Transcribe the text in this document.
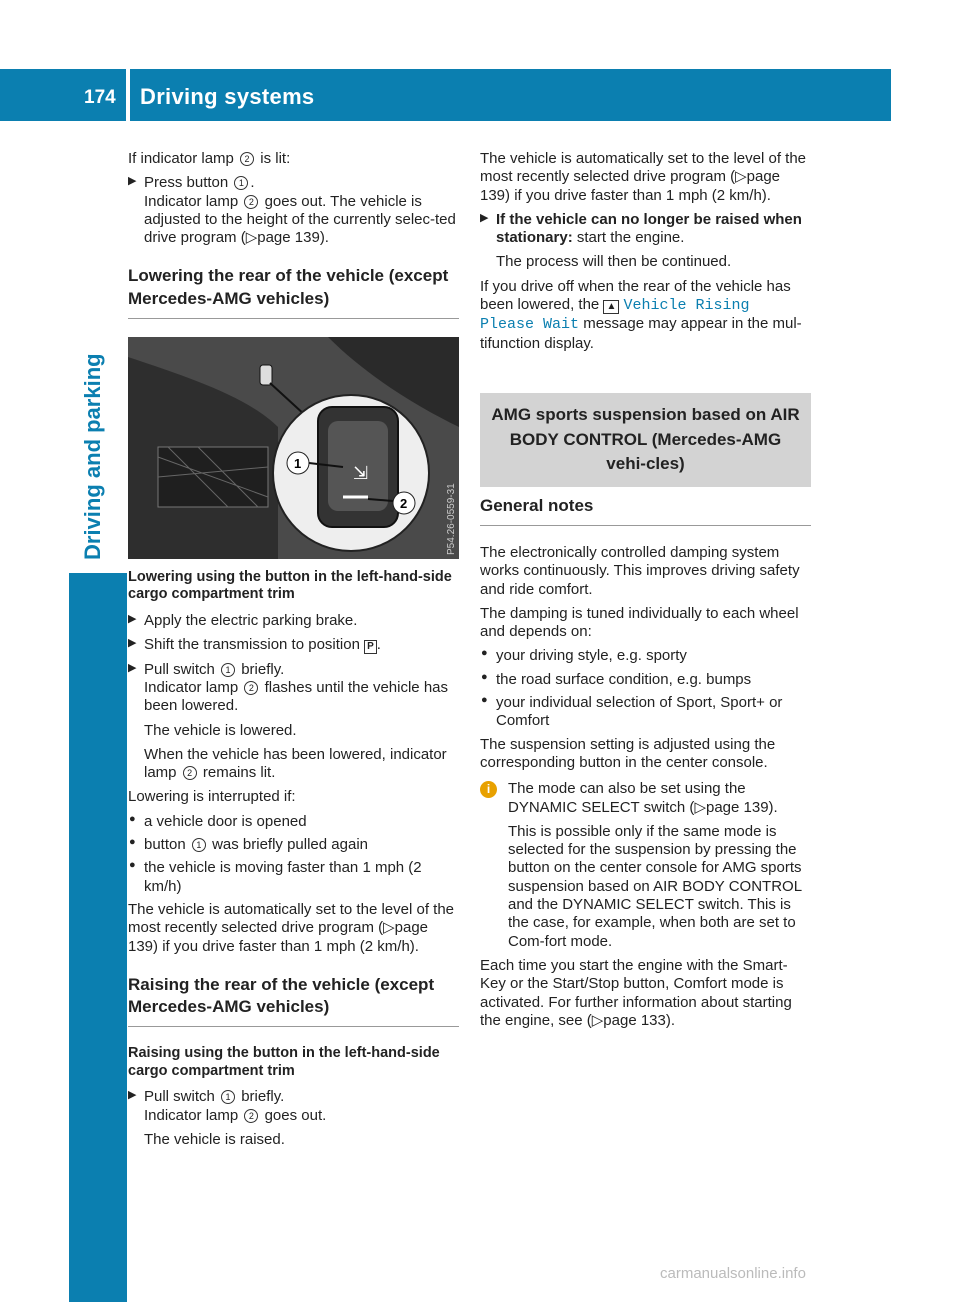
174 Driving systems
Driving and parking

If indicator lamp 2 is lit:

▶ Press button 1 .
Indicator lamp 2 goes out. The vehicle is adjusted to the height of the currently selec-ted drive program (▷page 139).
Lowering the rear of the vehicle (except Mercedes-AMG vehicles)
⇲
1
2	P54.26-0559-31
Lowering using the button in the left-hand-side cargo compartment trim
▶ Apply the electric parking brake.
▶ Shift the transmission to position P .
▶ Pull switch 1 briefly.
Indicator lamp 2 flashes until the vehicle has been lowered.
The vehicle is lowered.
When the vehicle has been lowered, indicator lamp 2 remains lit.

Lowering is interrupted if:

● a vehicle door is opened
● button 1 was briefly pulled again
● the vehicle is moving faster than 1 mph (2 km/h)

The vehicle is automatically set to the level of the most recently selected drive program (▷page 139) if you drive faster than 1 mph (2 km/h).

Raising the rear of the vehicle (except Mercedes-AMG vehicles)
Raising using the button in the left-hand-side cargo compartment trim
▶ Pull switch 1 briefly.
Indicator lamp 2 goes out.
The vehicle is raised.

The vehicle is automatically set to the level of the most recently selected drive program (▷page 139) if you drive faster than 1 mph (2 km/h).

▶ If the vehicle can no longer be raised when stationary: start the engine.
The process will then be continued.

If you drive off when the rear of the vehicle has been lowered, the ▲ Vehicle Rising Please Wait message may appear in the mul-tifunction display.

AMG sports suspension based on AIR BODY CONTROL (Mercedes-AMG vehi-cles)
General notes

The electronically controlled damping system works continuously. This improves driving safety and ride comfort.

The damping is tuned individually to each wheel and depends on:

● your driving style, e.g. sporty
● the road surface condition, e.g. bumps
● your individual selection of Sport, Sport+ or Comfort

The suspension setting is adjusted using the corresponding button in the center console.

i	The mode can also be set using the DYNAMIC SELECT switch (▷page 139).

This is possible only if the same mode is selected for the suspension by pressing the button on the center console for AMG sports suspension based on AIR BODY CONTROL and the DYNAMIC SELECT switch. This is the case, for example, when both are set to Com-fort mode.

Each time you start the engine with the Smart-Key or the Start/Stop button, Comfort mode is activated. For further information about starting the engine, see (▷page 133).

carmanualsonline.info
